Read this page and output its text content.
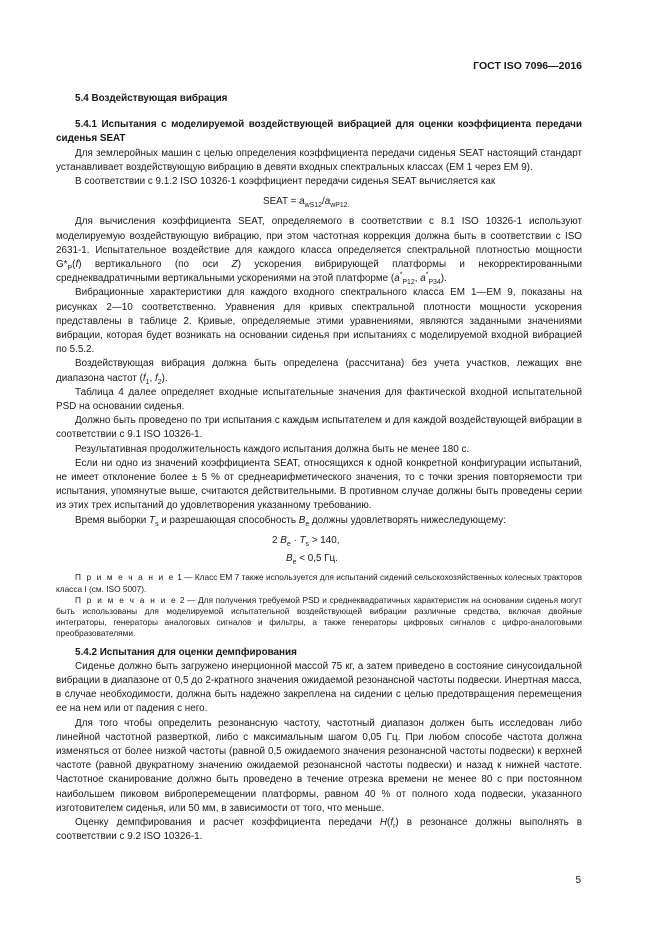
ГОСТ ISO 7096—2016

5.4 Воздействующая вибрация

5.4.1 Испытания с моделируемой воздействующей вибрацией для оценки коэффициента передачи сиденья SEAT

Для землеройных машин с целью определения коэффициента передачи сиденья SEAT настоящий стандарт устанавливает воздействующую вибрацию в девяти входных спектральных классах (ЕМ 1 через ЕМ 9).

В соответствии с 9.1.2 ISO 10326-1 коэффициент передачи сиденья SEAT вычисляется как

SEAT = $a_{wS12}/a_{wP12.}$

Для вычисления коэффициента SEAT, определяемого в соответствии с 8.1 ISO 10326-1 используют моделируемую воздействующую вибрацию, при этом частотная коррекция должна быть в соответствии с ISO 2631-1. Испытательное воздействие для каждого класса определяется спектральной плотностью мощности $G*_P(f)$ вертикального (по оси Z) ускорения вибрирующей платформы и некорректированными среднеквадратичными вертикальными ускорениями на этой платформе ($a^*_{P12}$, $a^*_{P34}$).

Вибрационные характеристики для каждого входного спектрального класса ЕМ 1—ЕМ 9, показаны на рисунках 2—10 соответственно. Уравнения для кривых спектральной плотности мощности ускорения представлены в таблице 2. Кривые, определяемые этими уравнениями, являются заданными значениями вибрации, которая будет возникать на основании сиденья при испытаниях с моделируемой входной вибрацией по 5.5.2.

Воздействующая вибрация должна быть определена (рассчитана) без учета участков, лежащих вне диапазона частот ($f_1$, $f_2$).

Таблица 4 далее определяет входные испытательные значения для фактической входной испытательной PSD на основании сиденья.

Должно быть проведено по три испытания с каждым испытателем и для каждой воздействующей вибрации в соответствии с 9.1 ISO 10326-1.

Результативная продолжительность каждого испытания должна быть не менее 180 с.

Если ни одно из значений коэффициента SEAT, относящихся к одной конкретной конфигурации испытаний, не имеет отклонение более ± 5 % от среднеарифметического значения, то с точки зрения повторяемости три испытания, упомянутые выше, считаются действительными. В противном случае должны быть проведены серии из этих трех испытаний до удовлетворения указанному требованию.

Время выборки $T_s$ и разрешающая способность $B_e$ должны удовлетворять нижеследующему:

2 $B_e \cdot T_s > 140$,

$B_e < 0,5$ Гц.

П р и м е ч а н и е 1 — Класс ЕМ 7 также используется для испытаний сидений сельскохозяйственных колесных тракторов класса I (см. ISO 5007).

П р и м е ч а н и е 2 — Для получения требуемой PSD и среднеквадратичных характеристик на основании сиденья могут быть использованы для моделируемой испытательной воздействующей вибрации различные средства, включая двойные интеграторы, генераторы аналоговых сигналов и фильтры, а также генераторы цифровых сигналов с цифро-аналоговыми преобразователями.

5.4.2 Испытания для оценки демпфирования

Сиденье должно быть загружено инерционной массой 75 кг, а затем приведено в состояние синусоидальной вибрации в диапазоне от 0,5 до 2-кратного значения ожидаемой резонансной частоты подвески. Инертная масса, в случае необходимости, должна быть надежно закреплена на сидении с целью предотвращения перемещения ее на нем или от падения с него.

Для того чтобы определить резонансную частоту, частотный диапазон должен быть исследован либо линейной частотной разверткой, либо с максимальным шагом 0,05 Гц. При любом способе частота должна изменяться от более низкой частоты (равной 0,5 ожидаемого значения резонансной частоты подвески) к верхней частоте (равной двукратному значению ожидаемой резонансной частоты подвески) и назад к нижней частоте. Частотное сканирование должно быть проведено в течение отрезка времени не менее 80 с при постоянном наибольшем пиковом виброперемещении платформы, равном 40 % от полного хода подвески, указанного изготовителем сиденья, или 50 мм, в зависимости от того, что меньше.

Оценку демпфирования и расчет коэффициента передачи $H(f_r)$ в резонансе должны выполнять в соответствии с 9.2 ISO 10326-1.

5
